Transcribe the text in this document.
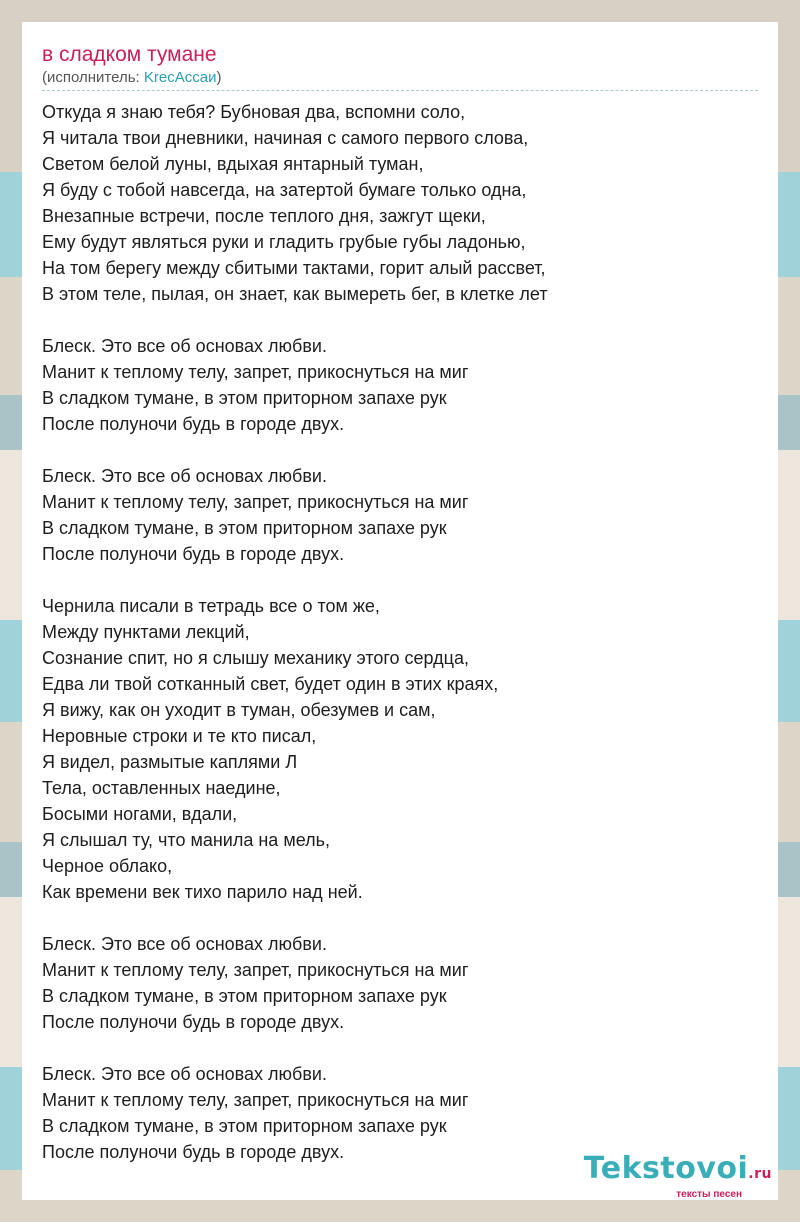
в сладком тумане
(исполнитель: KrecAccaи)
Откуда я знаю тебя? Бубновая два, вспомни соло,
Я читала твои дневники, начиная с самого первого слова,
Светом белой луны, вдыхая янтарный туман,
Я буду с тобой навсегда, на затертой бумаге только одна,
Внезапные встречи, после теплого дня, зажгут щеки,
Ему будут являться руки и гладить грубые губы ладонью,
На том берегу между сбитыми тактами, горит алый рассвет,
В этом теле, пылая, он знает, как вымереть бег, в клетке лет
Блеск. Это все об основах любви.
Манит к теплому телу, запрет, прикоснуться на миг
В сладком тумане, в этом приторном запахе рук
После полуночи будь в городе двух.
Блеск. Это все об основах любви.
Манит к теплому телу, запрет, прикоснуться на миг
В сладком тумане, в этом приторном запахе рук
После полуночи будь в городе двух.
Чернила писали в тетрадь все о том же,
Между пунктами лекций,
Сознание спит, но я слышу механику этого сердца,
Едва ли твой сотканный свет, будет один в этих краях,
Я вижу, как он уходит в туман, обезумев и сам,
Неровные строки и те кто писал,
Я видел, размытые каплями Л
Тела, оставленных наедине,
Босыми ногами, вдали,
Я слышал ту, что манила на мель,
Черное облако,
Как времени век тихо парило над ней.
Блеск. Это все об основах любви.
Манит к теплому телу, запрет, прикоснуться на миг
В сладком тумане, в этом приторном запахе рук
После полуночи будь в городе двух.
Блеск. Это все об основах любви.
Манит к теплому телу, запрет, прикоснуться на миг
В сладком тумане, в этом приторном запахе рук
После полуночи будь в городе двух.	Tekstovoi.ru
тексты песен
